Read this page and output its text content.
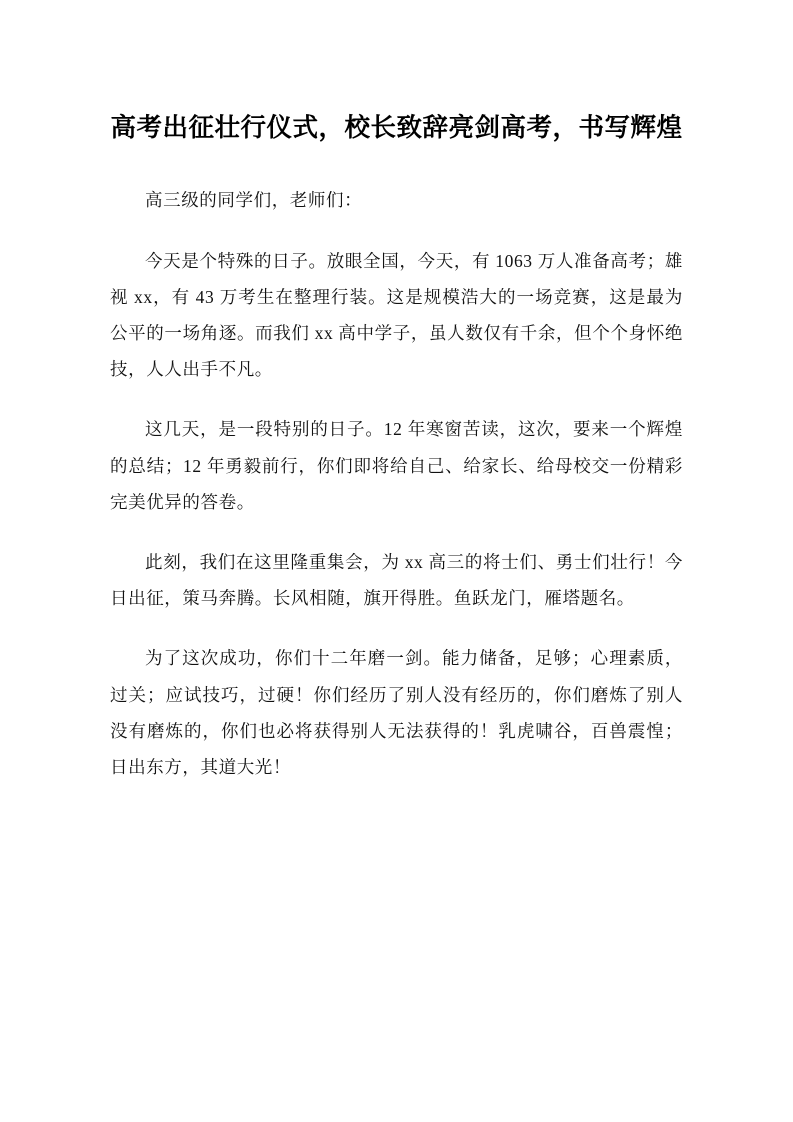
高考出征壮行仪式，校长致辞亮剑高考，书写辉煌

高三级的同学们，老师们：

今天是个特殊的日子。放眼全国，今天，有 1063 万人准备高考；雄视 xx，有 43 万考生在整理行装。这是规模浩大的一场竞赛，这是最为公平的一场角逐。而我们 xx 高中学子，虽人数仅有千余，但个个身怀绝技，人人出手不凡。

这几天，是一段特别的日子。12 年寒窗苦读，这次，要来一个辉煌的总结；12 年勇毅前行，你们即将给自己、给家长、给母校交一份精彩完美优异的答卷。

此刻，我们在这里隆重集会，为 xx 高三的将士们、勇士们壮行！今日出征，策马奔腾。长风相随，旗开得胜。鱼跃龙门，雁塔题名。

为了这次成功，你们十二年磨一剑。能力储备，足够；心理素质，过关；应试技巧，过硬！你们经历了别人没有经历的，你们磨炼了别人没有磨炼的，你们也必将获得别人无法获得的！乳虎啸谷，百兽震惶；日出东方，其道大光！
